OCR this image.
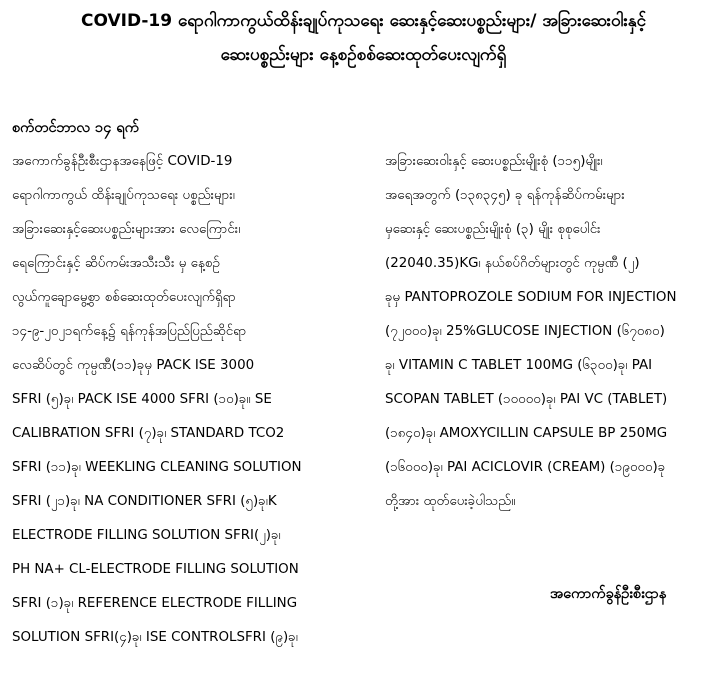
COVID-19 ရောဂါကာကွယ်ထိန်းချုပ်ကုသရေး ဆေးနှင့်ဆေးပစ္စည်းများ/ အခြားဆေးဝါးနှင့်
ဆေးပစ္စည်းများ နေ့စဉ်စစ်ဆေးထုတ်ပေးလျက်ရှိ
စက်တင်ဘာလ ၁၄ ရက်
အကောက်ခွန်ဦးစီးဌာနအနေဖြင့် COVID-19
ရောဂါကာကွယ် ထိန်းချုပ်ကုသရေး ပစ္စည်းများ၊
အခြားဆေးနှင့်ဆေးပစ္စည်းများအား လေကြောင်း၊
ရေကြောင်းနှင့် ဆိပ်ကမ်းအသီးသီး မှ နေ့စဉ်
လွယ်ကူချောမွေ့စွာ စစ်ဆေးထုတ်ပေးလျက်ရှိရာ
၁၄-၉-၂၀၂၁ရက်နေ့၌ ရန်ကုန်အပြည်ပြည်ဆိုင်ရာ
လေဆိပ်တွင် ကုမ္ပဏီ(၁၁)ခုမှ PACK ISE 3000
SFRI (၅)ခု၊ PACK ISE 4000 SFRI (၁၀)ခု၊၊ SE
CALIBRATION SFRI (၇)ခု၊ STANDARD TCO2
SFRI (၁၁)ခု၊ WEEKLING CLEANING SOLUTION
SFRI (၂၁)ခု၊ NA CONDITIONER SFRI (၅)ခု၊K
ELECTRODE FILLING SOLUTION SFRI(၂)ခု၊
PH NA+ CL-ELECTRODE FILLING SOLUTION
SFRI (၁)ခု၊ REFERENCE ELECTRODE FILLING
SOLUTION SFRI(၄)ခု၊ ISE CONTROLSFRI (၉)ခု၊
အခြားဆေးဝါးနှင့် ဆေးပစ္စည်းမျိုးစုံ (၁၁၅)မျိုး၊
အရေအတွက် (၁၃၈၃၄၅) ခု ရန်ကုန်ဆိပ်ကမ်းများ
မှဆေးနှင့် ဆေးပစ္စည်းမျိုးစုံ (၃) မျိုး စုစုပေါင်း
(22040.35)KG၊ နယ်စပ်ဂိတ်များတွင် ကုမ္ပဏီ (၂)
ခုမှ PANTOPROZOLE SODIUM FOR INJECTION
(၇၂၀၀၀)ခု၊ 25%GLUCOSE INJECTION (၆၇၀၈၀)
ခု၊ VITAMIN C TABLET 100MG (၆၃၀၀)ခု၊ PAI
SCOPAN TABLET (၁၀၀၀၀)ခု၊ PAI VC (TABLET)
(၁၈၄၀)ခု၊ AMOXYCILLIN CAPSULE BP 250MG
(၁၆၀၀၀)ခု၊ PAI ACICLOVIR (CREAM) (၁၉၀၀၀)ခု
တို့အား ထုတ်ပေးခဲ့ပါသည်။
အကောက်ခွန်ဦးစီးဌာန
